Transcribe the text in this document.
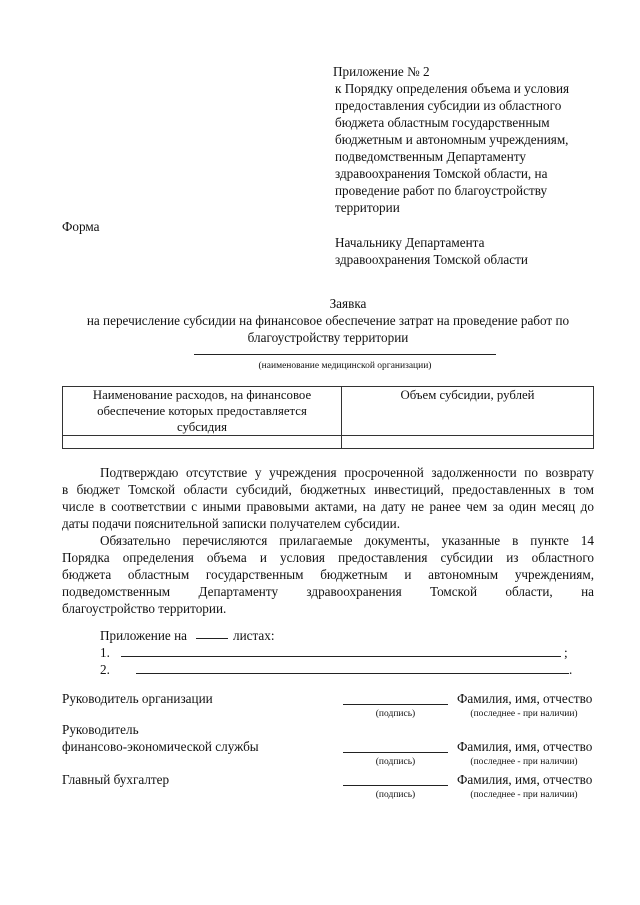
Приложение № 2
к Порядку определения объема и условия
предоставления субсидии из областного
бюджета областным государственным
бюджетным и автономным учреждениям,
подведомственным Департаменту
здравоохранения Томской области, на
проведение работ по благоустройству
территории
Форма
Начальнику Департамента
здравоохранения Томской области
Заявка
на перечисление субсидии на финансовое обеспечение затрат на проведение работ по
благоустройству территории
(наименование медицинской организации)
Наименование расходов, на финансовое
обеспечение которых предоставляется
субсидия	Объем субсидии, рублей

Подтверждаю отсутствие у учреждения просроченной задолженности по возврату
в бюджет Томской области субсидий, бюджетных инвестиций, предоставленных в том
числе в соответствии с иными правовыми актами, на дату не ранее чем за один месяц до
даты подачи пояснительной записки получателем субсидии.
Обязательно перечисляются прилагаемые документы, указанные в пункте 14
Порядка определения объема и условия предоставления субсидии из областного
бюджета областным государственным бюджетным и автономным учреждениям,
подведомственным Департаменту здравоохранения Томской области, на
благоустройство территории.
Приложение на	листах:
1.	;
2.	.
Руководитель организации	Фамилия, имя, отчество
(подпись)	(последнее - при наличии)
Руководитель
финансово-экономической службы	Фамилия, имя, отчество
(подпись)	(последнее - при наличии)
Главный бухгалтер	Фамилия, имя, отчество
(подпись)	(последнее - при наличии)
